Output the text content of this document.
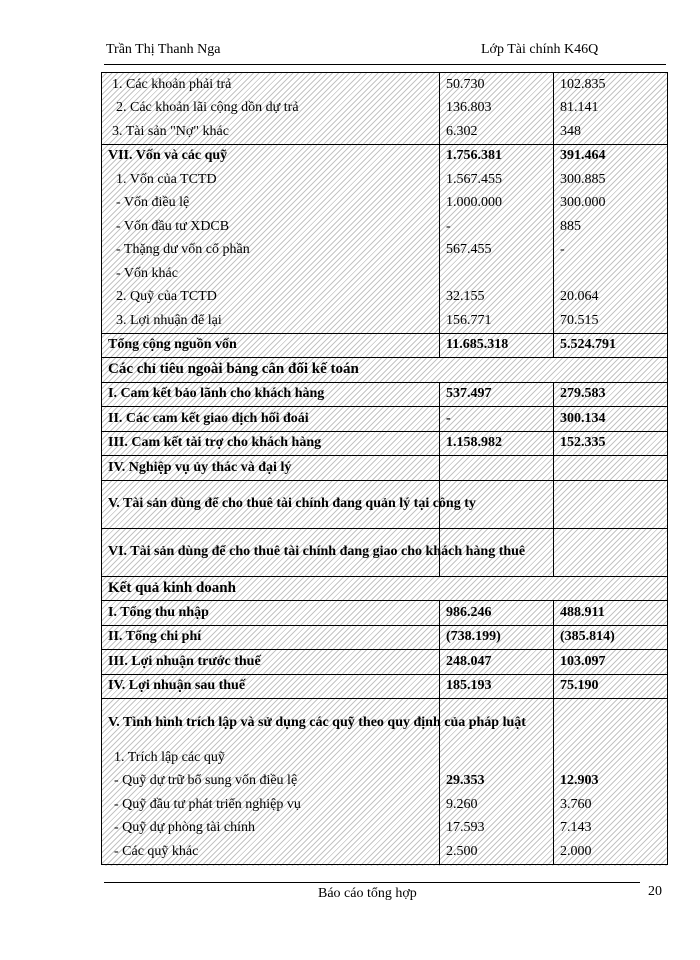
Trần Thị Thanh Nga	Lớp Tài chính K46Q
1. Các khoản phải trả	50.730	102.835
2. Các khoản lãi cộng dồn dự trả	136.803	81.141
3. Tài sản "Nợ" khác	6.302	348
VII. Vốn và các quỹ	1.756.381	391.464
1. Vốn của TCTD	1.567.455	300.885
- Vốn điều lệ	1.000.000	300.000
- Vốn đầu tư XDCB	-	885
- Thặng dư vốn cổ phần	567.455	-
- Vốn khác		
2. Quỹ của TCTD	32.155	20.064
3. Lợi nhuận để lại	156.771	70.515
Tổng cộng nguồn vốn	11.685.318	5.524.791
Các chỉ tiêu ngoài bảng cân đối kế toán		
I. Cam kết bảo lãnh cho khách hàng	537.497	279.583
II. Các cam kết giao dịch hối đoái	-	300.134
III. Cam kết tài trợ cho khách hàng	1.158.982	152.335
IV. Nghiệp vụ ủy thác và đại lý		
V. Tài sản dùng để cho thuê tài chính đang quản lý tại công ty		
VI. Tài sản dùng để cho thuê tài chính đang giao cho khách hàng thuê		
Kết quả kinh doanh		
I. Tổng thu nhập	986.246	488.911
II. Tổng chi phí	(738.199)	(385.814)
III. Lợi nhuận trước thuế	248.047	103.097
IV. Lợi nhuận sau thuế	185.193	75.190
V. Tình hình trích lập và sử dụng các quỹ theo quy định của pháp luật		
1. Trích lập các quỹ		
- Quỹ dự trữ bổ sung vốn điều lệ	29.353	12.903
- Quỹ đầu tư phát triển nghiệp vụ	9.260	3.760
- Quỹ dự phòng tài chính	17.593	7.143
- Các quỹ khác	2.500	2.000
Báo cáo tổng hợp	20
